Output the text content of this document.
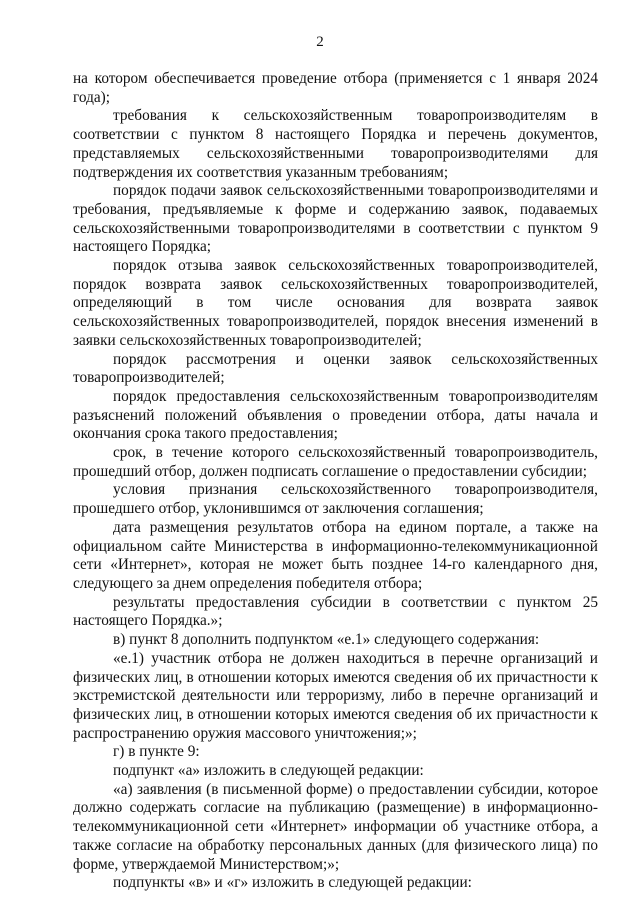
2

на котором обеспечивается проведение отбора (применяется с 1 января 2024 года);

требования к сельскохозяйственным товаропроизводителям в соответствии с пунктом 8 настоящего Порядка и перечень документов, представляемых сельскохозяйственными товаропроизводителями для подтверждения их соответствия указанным требованиям;

порядок подачи заявок сельскохозяйственными товаропроизводителями и требования, предъявляемые к форме и содержанию заявок, подаваемых сельскохозяйственными товаропроизводителями в соответствии с пунктом 9 настоящего Порядка;

порядок отзыва заявок сельскохозяйственных товаропроизводителей, порядок возврата заявок сельскохозяйственных товаропроизводителей, определяющий в том числе основания для возврата заявок сельскохозяйственных товаропроизводителей, порядок внесения изменений в заявки сельскохозяйственных товаропроизводителей;

порядок рассмотрения и оценки заявок сельскохозяйственных товаропроизводителей;

порядок предоставления сельскохозяйственным товаропроизводителям разъяснений положений объявления о проведении отбора, даты начала и окончания срока такого предоставления;

срок, в течение которого сельскохозяйственный товаропроизводитель, прошедший отбор, должен подписать соглашение о предоставлении субсидии;

условия признания сельскохозяйственного товаропроизводителя, прошедшего отбор, уклонившимся от заключения соглашения;

дата размещения результатов отбора на едином портале, а также на официальном сайте Министерства в информационно-телекоммуникационной сети «Интернет», которая не может быть позднее 14-го календарного дня, следующего за днем определения победителя отбора;

результаты предоставления субсидии в соответствии с пунктом 25 настоящего Порядка.»;

в) пункт 8 дополнить подпунктом «е.1» следующего содержания:

«е.1) участник отбора не должен находиться в перечне организаций и физических лиц, в отношении которых имеются сведения об их причастности к экстремистской деятельности или терроризму, либо в перечне организаций и физических лиц, в отношении которых имеются сведения об их причастности к распространению оружия массового уничтожения;»;

г) в пункте 9:

подпункт «а» изложить в следующей редакции:

«а) заявления (в письменной форме) о предоставлении субсидии, которое должно содержать согласие на публикацию (размещение) в информационно-телекоммуникационной сети «Интернет» информации об участнике отбора, а также согласие на обработку персональных данных (для физического лица) по форме, утверждаемой Министерством;»;

подпункты «в» и «г» изложить в следующей редакции:
